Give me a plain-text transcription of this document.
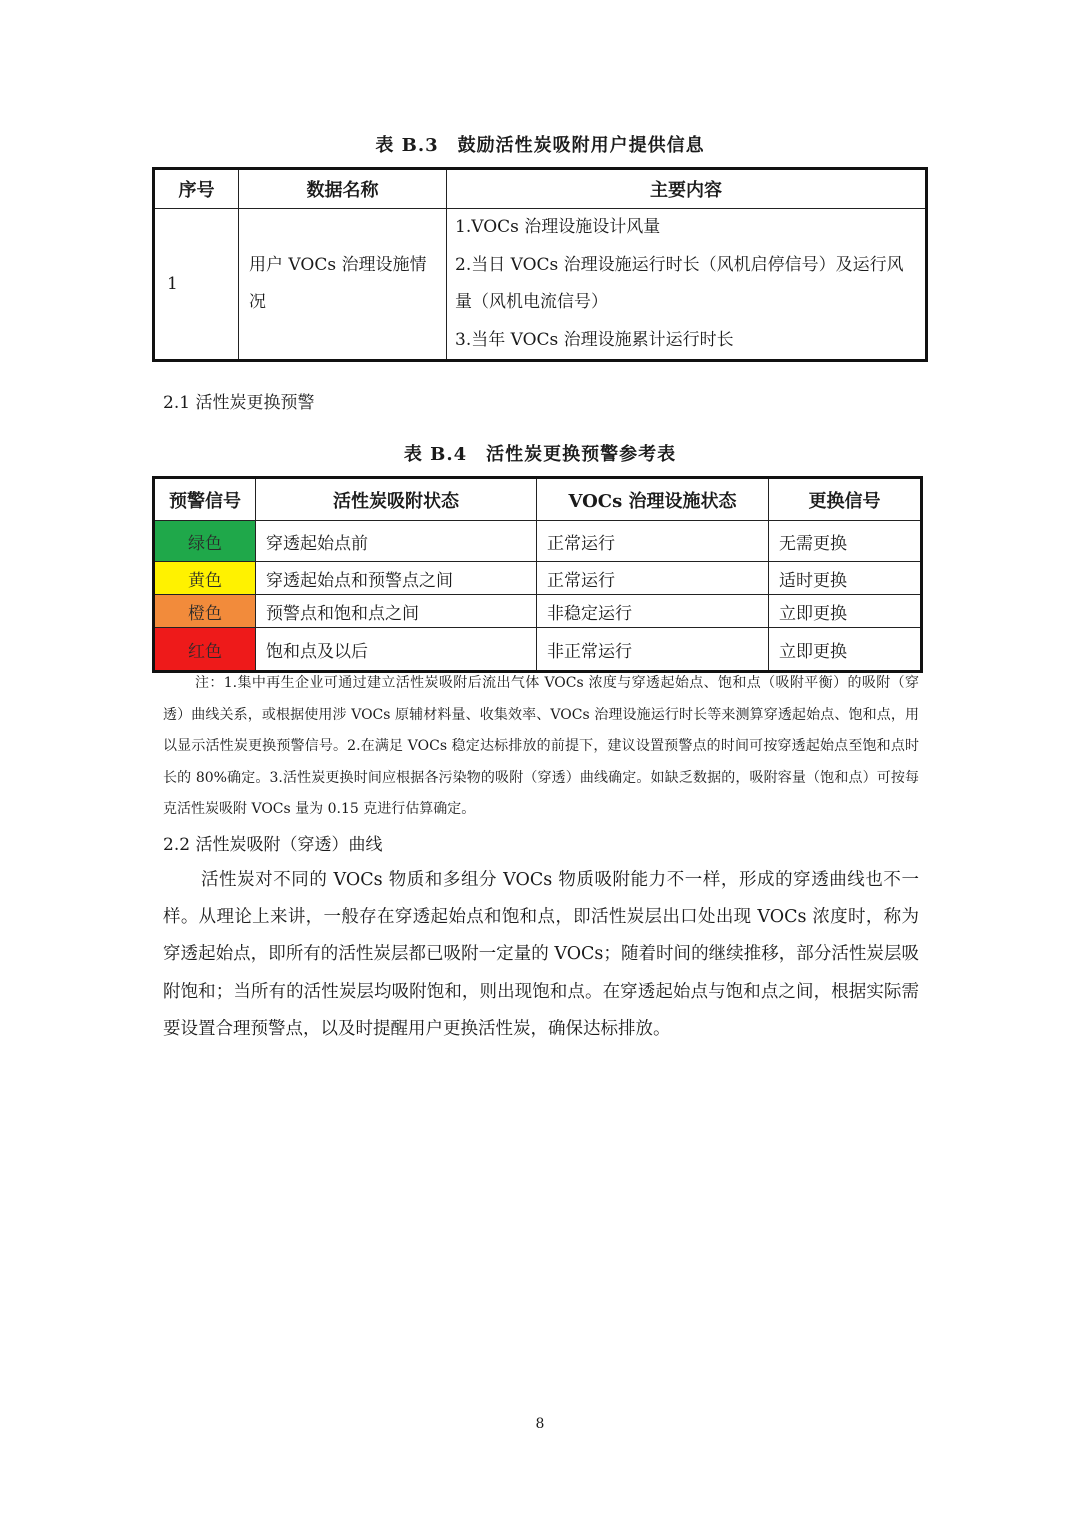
表 B.3　鼓励活性炭吸附用户提供信息
序号	数据名称	主要内容
1	用户 VOCs 治理设施情况	1.VOCs 治理设施设计风量
2.当日 VOCs 治理设施运行时长（风机启停信号）及运行风量（风机电流信号）
3.当年 VOCs 治理设施累计运行时长
2.1 活性炭更换预警
表 B.4　活性炭更换预警参考表
预警信号	活性炭吸附状态	VOCs 治理设施状态	更换信号
绿色	穿透起始点前	正常运行	无需更换
黄色	穿透起始点和预警点之间	正常运行	适时更换
橙色	预警点和饱和点之间	非稳定运行	立即更换
红色	饱和点及以后	非正常运行	立即更换

注：1.集中再生企业可通过建立活性炭吸附后流出气体 VOCs 浓度与穿透起始点、饱和点（吸附平衡）的吸附（穿透）曲线关系，或根据使用涉 VOCs 原辅材料量、收集效率、VOCs 治理设施运行时长等来测算穿透起始点、饱和点，用以显示活性炭更换预警信号。2.在满足 VOCs 稳定达标排放的前提下，建议设置预警点的时间可按穿透起始点至饱和点时长的 80%确定。3.活性炭更换时间应根据各污染物的吸附（穿透）曲线确定。如缺乏数据的，吸附容量（饱和点）可按每克活性炭吸附 VOCs 量为 0.15 克进行估算确定。

2.2 活性炭吸附（穿透）曲线

活性炭对不同的 VOCs 物质和多组分 VOCs 物质吸附能力不一样，形成的穿透曲线也不一样。从理论上来讲，一般存在穿透起始点和饱和点，即活性炭层出口处出现 VOCs 浓度时，称为穿透起始点，即所有的活性炭层都已吸附一定量的 VOCs；随着时间的继续推移，部分活性炭层吸附饱和；当所有的活性炭层均吸附饱和，则出现饱和点。在穿透起始点与饱和点之间，根据实际需要设置合理预警点，以及时提醒用户更换活性炭，确保达标排放。

8
